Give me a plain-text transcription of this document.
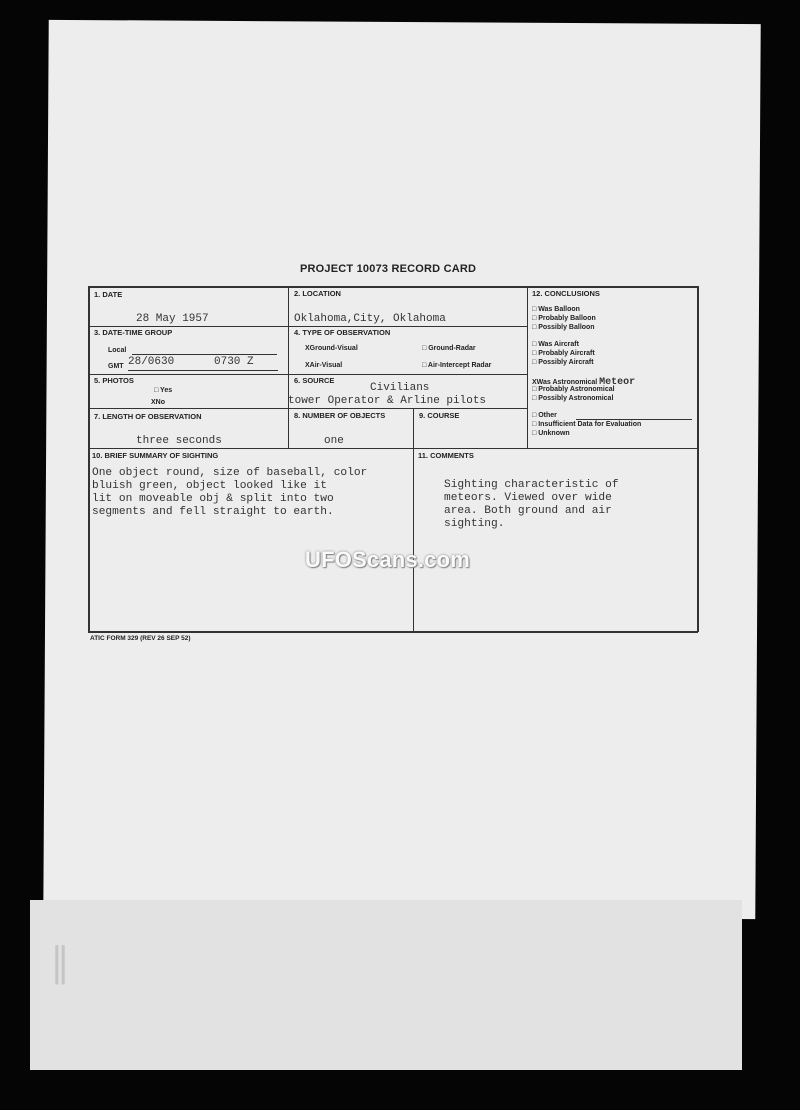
∥
PROJECT 10073 RECORD CARD
1. DATE
28 May 1957
2. LOCATION
Oklahoma,City, Oklahoma
3. DATE-TIME GROUP
Local
GMT 28/0630	0730 Z
4. TYPE OF OBSERVATION
XGround-Visual
XAir-Visual
□ Ground-Radar
□ Air-Intercept Radar
5. PHOTOS
□ Yes
XNo
6. SOURCE
Civilians
tower Operator & Arline pilots
7. LENGTH OF OBSERVATION
three seconds
8. NUMBER OF OBJECTS
one
9. COURSE
12. CONCLUSIONS
□ Was Balloon
□ Probably Balloon
□ Possibly Balloon
□ Was Aircraft
□ Probably Aircraft
□ Possibly Aircraft
XWas Astronomical Meteor
□ Probably Astronomical
□ Possibly Astronomical
□ Other
□ Insufficient Data for Evaluation
□ Unknown
10. BRIEF SUMMARY OF SIGHTING
One object round, size of baseball, color
bluish green, object looked like it
lit on moveable obj & split into two
segments and fell straight to earth.
11. COMMENTS
Sighting characteristic of
meteors. Viewed over wide
area. Both ground and air
sighting.
ATIC FORM 329 (REV 26 SEP 52)
UFOScans.com
